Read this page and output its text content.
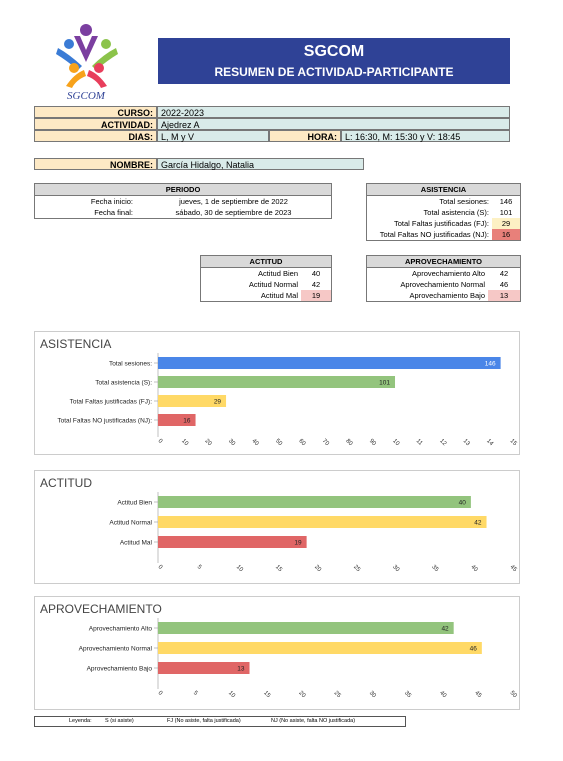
SGCOM
SGCOM
RESUMEN DE ACTIVIDAD-PARTICIPANTE
CURSO: 2022-2023
ACTIVIDAD: Ajedrez A
DIAS: L, M y V	HORA: L: 16:30, M: 15:30 y V: 18:45
NOMBRE: García Hidalgo, Natalia
PERIODO	
Fecha inicio:	jueves, 1 de septiembre de 2022
Fecha final:	sábado, 30 de septiembre de 2023
ASISTENCIA	
Total sesiones:	146
Total asistencia (S):	101
Total Faltas justificadas (FJ):	29
Total Faltas NO justificadas (NJ):	16
ACTITUD	
Actitud Bien	40
Actitud Normal	42
Actitud Mal	19
APROVECHAMIENTO	
Aprovechamiento Alto	42
Aprovechamiento Normal	46
Aprovechamiento Bajo	13
ASISTENCIA
Total sesiones:	146
Total asistencia (S):	101
Total Faltas justificadas (FJ):	29
Total Faltas NO justificadas (NJ):	16
0	10 20 30 40 50 60 70 80 90 10 11 12 13 14 15
ACTITUD
Actitud Bien	40
Actitud Normal	42
Actitud Mal	19
0	5	10	15	20	25	30	35	40	45
APROVECHAMIENTO
Aprovechamiento Alto	42
Aprovechamiento Normal	46
Aprovechamiento Bajo	13
0	5	10	15	20	25	30	35	40	45	50
Leyenda: S (si asiste)	FJ (No asiste, falta justificada)	NJ (No asiste, falta NO justificada)
